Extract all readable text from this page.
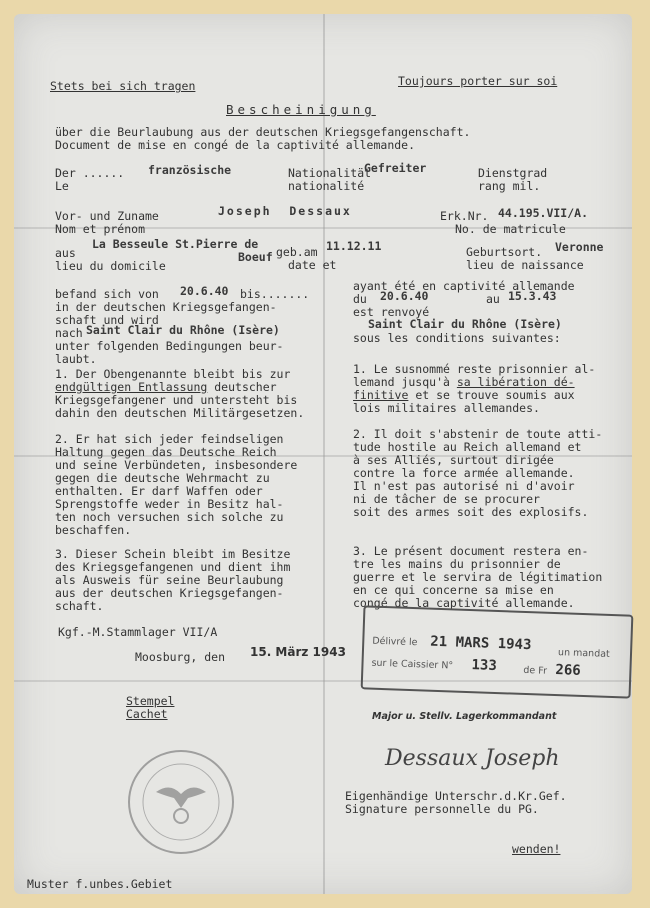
Stets bei sich tragen	Toujours porter sur soi
Bescheinigung
über die Beurlaubung aus der deutschen Kriegsgefangenschaft.
Document de mise en congé de la captivité allemande.
Der ......
Le
französische	Nationalität
nationalité
Gefreiter	Dienstgrad
rang mil.
Vor- und Zuname
Nom et prénom
Joseph  Dessaux	Erk.Nr. 44.195.VII/A.
No. de matricule
aus
lieu du domicile
La Besseule St.Pierre de
Boeuf geb.am 11.12.11
date et
Geburtsort. Veronne
lieu de naissance
befand sich von 20.6.40 bis.......
in der deutschen Kriegsgefangen-
schaft und wird
nach Saint Clair du Rhône (Isère)
unter folgenden Bedingungen beur-
laubt.
1. Der Obengenannte bleibt bis zur
endgültigen Entlassung deutscher
Kriegsgefangener und untersteht bis
dahin den deutschen Militärgesetzen.
2. Er hat sich jeder feindseligen
Haltung gegen das Deutsche Reich
und seine Verbündeten, insbesondere
gegen die deutsche Wehrmacht zu
enthalten. Er darf Waffen oder
Sprengstoffe weder in Besitz hal-
ten noch versuchen sich solche zu
beschaffen.
3. Dieser Schein bleibt im Besitze
des Kriegsgefangenen und dient ihm
als Ausweis für seine Beurlaubung
aus der deutschen Kriegsgefangen-
schaft.
Kgf.-M.Stammlager VII/A
Moosburg, den 15. März 1943
Stempel
Cachet
Muster f.unbes.Gebiet
ayant été en captivité allemande
du 20.6.40	au 15.3.43
est renvoyé
Saint Clair du Rhône (Isère)
sous les conditions suivantes:
1. Le susnommé reste prisonnier al-
lemand jusqu'à sa libération dé-
finitive et se trouve soumis aux
lois militaires allemandes.
2. Il doit s'abstenir de toute atti-
tude hostile au Reich allemand et
à ses Alliés, surtout dirigée
contre la force armée allemande.
Il n'est pas autorisé ni d'avoir
ni de tâcher de se procurer
soit des armes soit des explosifs.
3. Le présent document restera en-
tre les mains du prisonnier de
guerre et le servira de légitimation
en ce qui concerne sa mise en
congé de la captivité allemande.
Délivré le 21 MARS 1943
un mandat
sur le Caissier N° 133	de Fr 266
Major u. Stellv. Lagerkommandant
Dessaux Joseph
Eigenhändige Unterschr.d.Kr.Gef.
Signature personnelle du PG.
wenden!
